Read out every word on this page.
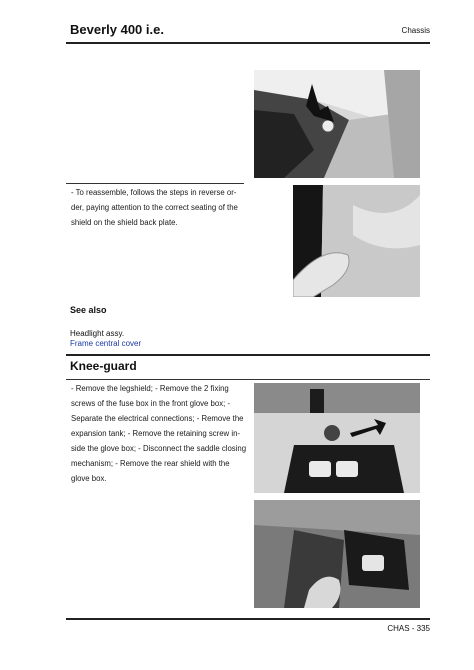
Beverly 400 i.e.	Chassis
- To reassemble, follows the steps in reverse or-
der, paying attention to the correct seating of the
shield on the shield back plate.
See also
Headlight assy.
Frame central cover
Knee-guard
- Remove the legshield; - Remove the 2 fixing
screws of the fuse box in the front glove box; -
Separate the electrical connections; - Remove the
expansion tank; - Remove the retaining screw in-
side the glove box; - Disconnect the saddle closing
mechanism; - Remove the rear shield with the
glove box.
CHAS - 335
